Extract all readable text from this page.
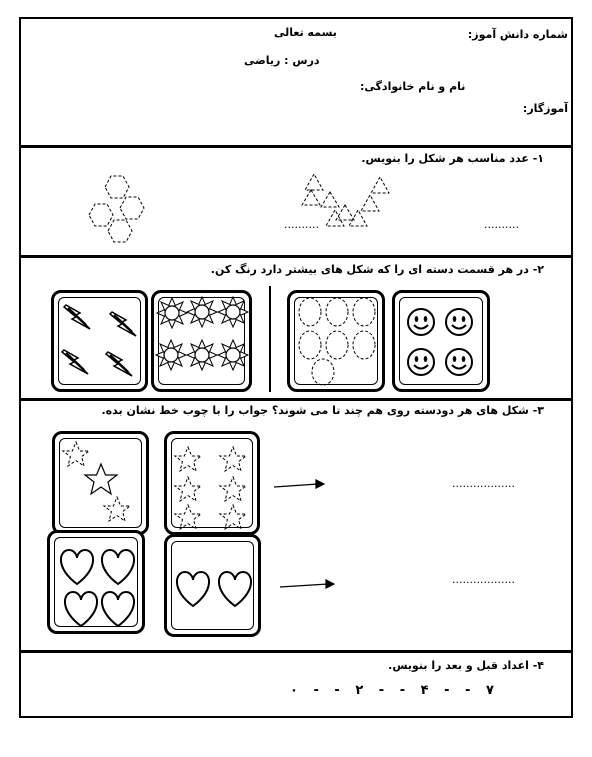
بسمه تعالی	شماره دانش آموز:
درس : ریاضی
نام و نام خانوادگی:
آموزگار:
۱- عدد مناسب هر شکل را بنویس.
..........	..........
۲- در هر قسمت دسته ای را که شکل های بیشتر دارد رنگ کن.
۳- شکل های هر دودسته روی هم چند تا می شوند؟ جواب را با چوب خط نشان بده.
..................
..................
۴- اعداد قبل و بعد را بنویس.
۷ - - ۴ - - ۲ - - ۰
